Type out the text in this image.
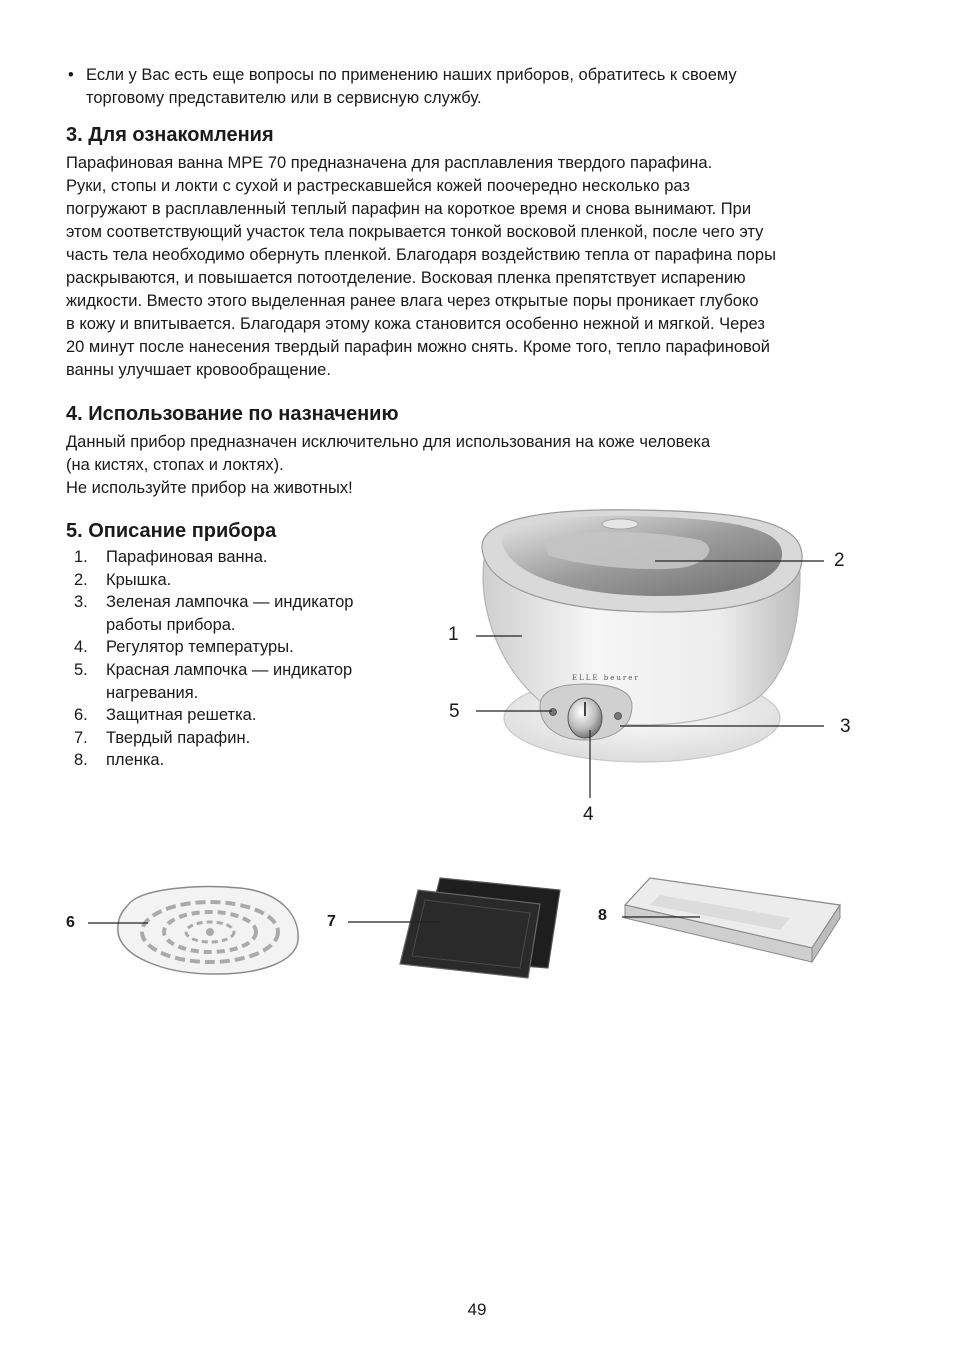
• Если у Вас есть еще вопросы по применению наших приборов, обратитесь к своему
торговому представителю или в сервисную службу.
3. Для ознакомления

Парафиновая ванна MPE 70 предназначена для расплавления твердого парафина.
Руки, стопы и локти с сухой и растрескавшейся кожей поочередно несколько раз
погружают в расплавленный теплый парафин на короткое время и снова вынимают. При
этом соответствующий участок тела покрывается тонкой восковой пленкой, после чего эту
часть тела необходимо обернуть пленкой. Благодаря воздействию тепла от парафина поры
раскрываются, и повышается потоотделение. Восковая пленка препятствует испарению
жидкости. Вместо этого выделенная ранее влага через открытые поры проникает глубоко
в кожу и впитывается. Благодаря этому кожа становится особенно нежной и мягкой. Через
20 минут после нанесения твердый парафин можно снять. Кроме того, тепло парафиновой
ванны улучшает кровообращение.

4. Использование по назначению

Данный прибор предназначен исключительно для использования на коже человека
(на кистях, стопах и локтях).
Не используйте прибор на животных!

5. Описание прибора
1. Парафиновая ванна.
2. Крышка.
3. Зеленая лампочка — индикатор работы прибора.
4. Регулятор температуры.
5. Красная лампочка — индикатор нагревания.
6. Защитная решетка.
7. Твердый парафин.
8. пленка.
ELLE beurer
1
2
3
4
5
6	7	8
49
